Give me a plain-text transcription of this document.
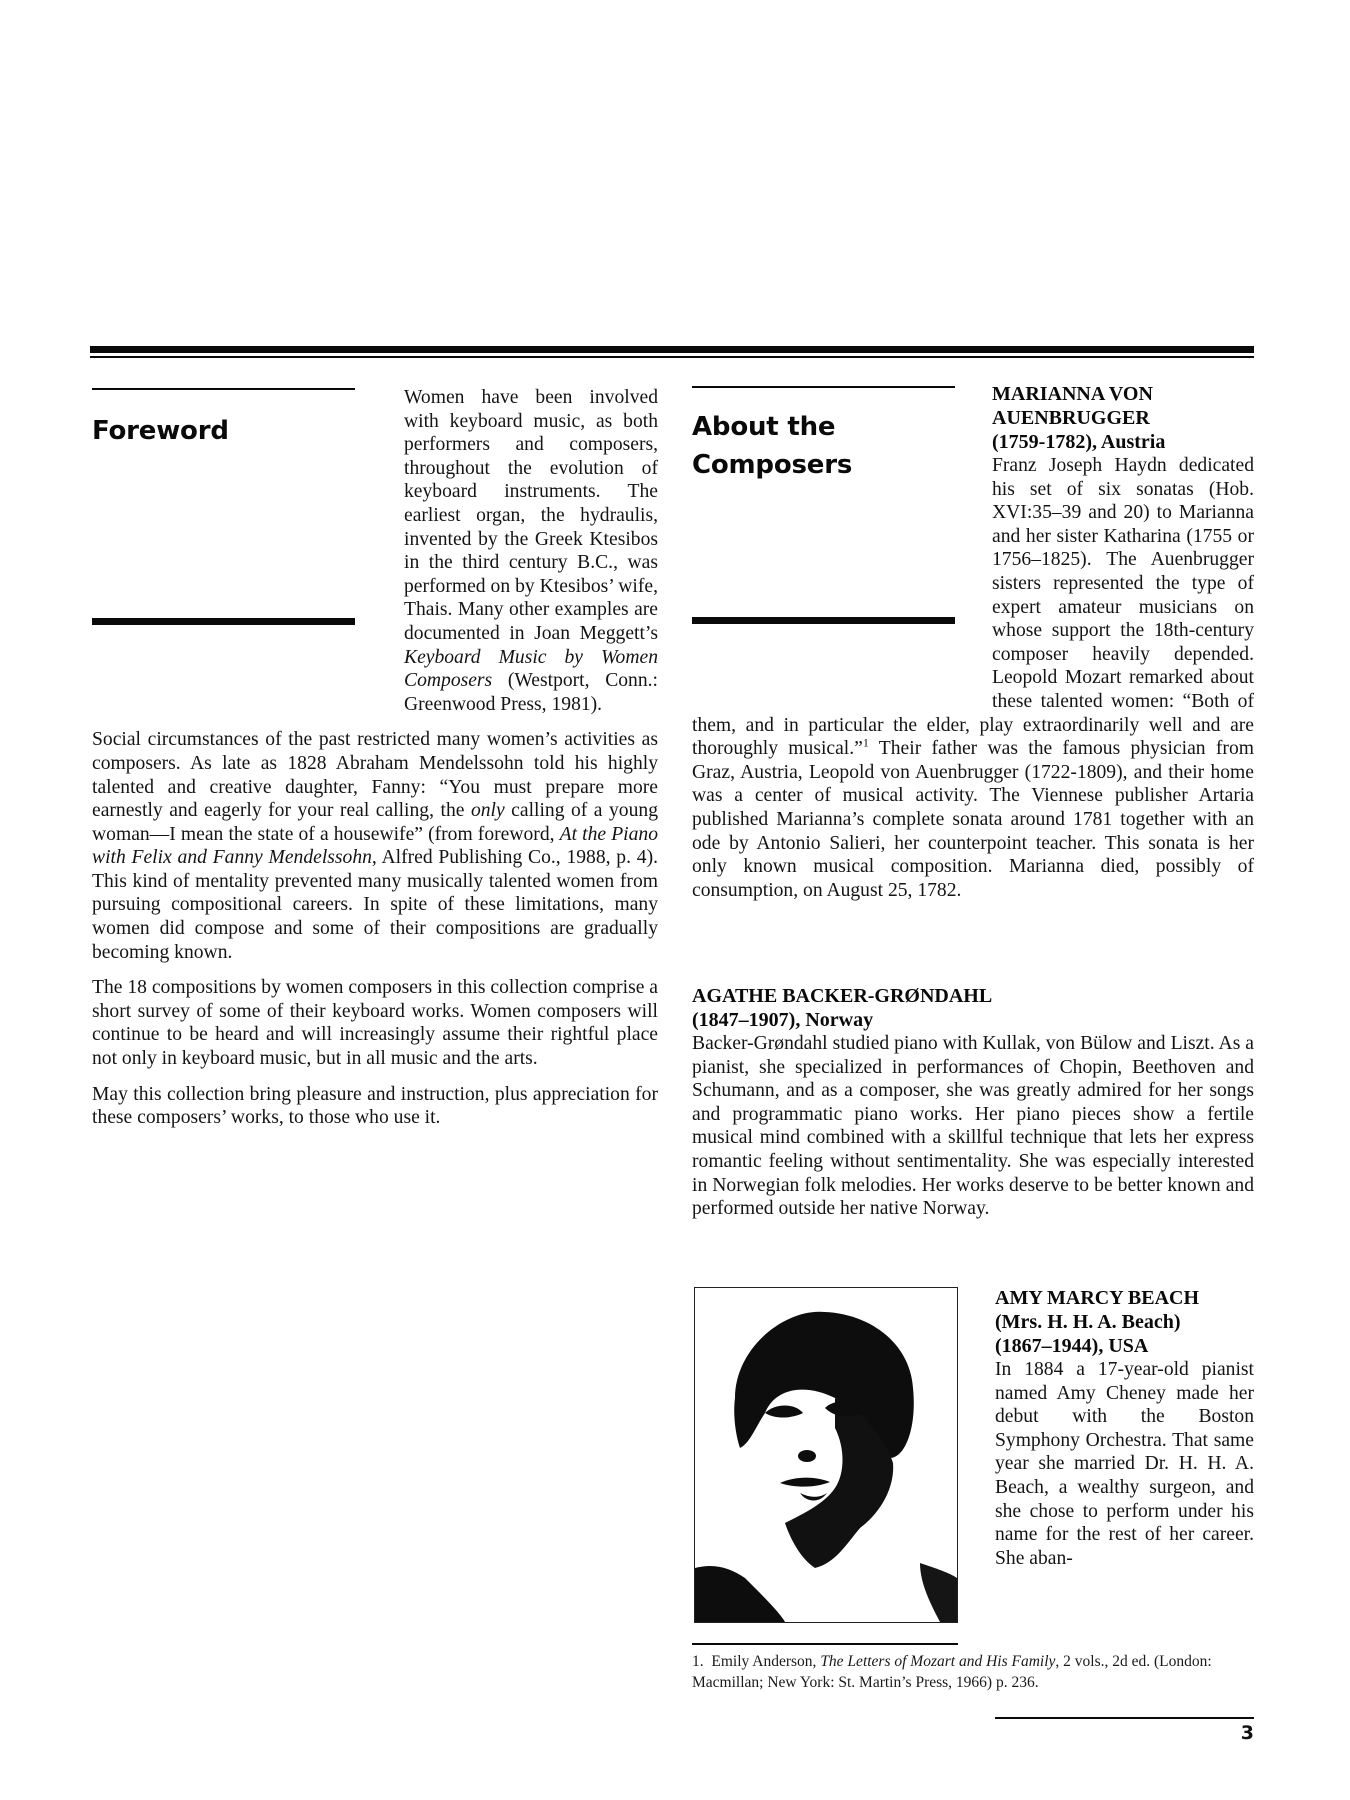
Foreword

Women have been involved with keyboard music, as both performers and composers, throughout the evolution of keyboard instruments. The earliest organ, the hydraulis, invented by the Greek Ktesibos in the third century B.C., was performed on by Ktesibos’ wife, Thais. Many other examples are documented in Joan Meggett’s Keyboard Music by Women Composers (Westport, Conn.: Greenwood Press, 1981).

Social circumstances of the past restricted many women’s activities as composers. As late as 1828 Abraham Mendelssohn told his highly talented and creative daughter, Fanny: “You must prepare more earnestly and eagerly for your real calling, the only calling of a young woman—I mean the state of a housewife” (from foreword, At the Piano with Felix and Fanny Mendelssohn, Alfred Publishing Co., 1988, p. 4). This kind of mentality prevented many musically talented women from pursuing compositional careers. In spite of these limitations, many women did compose and some of their compositions are gradually becoming known.

The 18 compositions by women composers in this collection comprise a short survey of some of their keyboard works. Women composers will continue to be heard and will increasingly assume their rightful place not only in keyboard music, but in all music and the arts.

May this collection bring pleasure and instruction, plus appreciation for these composers’ works, to those who use it.

About the
Composers
MARIANNA VON
AUENBRUGGER
(1759-1782), Austria

Franz Joseph Haydn dedicated his set of six sonatas (Hob. XVI:35–39 and 20) to Marianna and her sister Katharina (1755 or 1756–1825). The Auenbrugger sisters represented the type of expert amateur musicians on whose support the 18th-century composer heavily depended. Leopold Mozart remarked about these talented women: “Both of them, and in particular the elder, play extraordinarily well and are thoroughly musical.”$^1$ Their father was the famous physician from Graz, Austria, Leopold von Auenbrugger (1722-1809), and their home was a center of musical activity. The Viennese publisher Artaria published Marianna’s complete sonata around 1781 together with an ode by Antonio Salieri, her counterpoint teacher. This sonata is her only known musical composition. Marianna died, possibly of consumption, on August 25, 1782.

AGATHE BACKER-GRØNDAHL
(1847–1907), Norway

Backer-Grøndahl studied piano with Kullak, von Bülow and Liszt. As a pianist, she specialized in performances of Chopin, Beethoven and Schumann, and as a composer, she was greatly admired for her songs and programmatic piano works. Her piano pieces show a fertile musical mind combined with a skillful technique that lets her express romantic feeling without sentimentality. She was especially interested in Norwegian folk melodies. Her works deserve to be better known and performed outside her native Norway.

AMY MARCY BEACH
(Mrs. H. H. A. Beach)
(1867–1944), USA

In 1884 a 17-year-old pianist named Amy Cheney made her debut with the Boston Symphony Orchestra. That same year she married Dr. H. H. A. Beach, a wealthy surgeon, and she chose to perform under his name for the rest of her career. She aban-

1.  Emily Anderson, The Letters of Mozart and His Family, 2 vols., 2d ed. (London: Macmillan; New York: St. Martin’s Press, 1966) p. 236.
3
